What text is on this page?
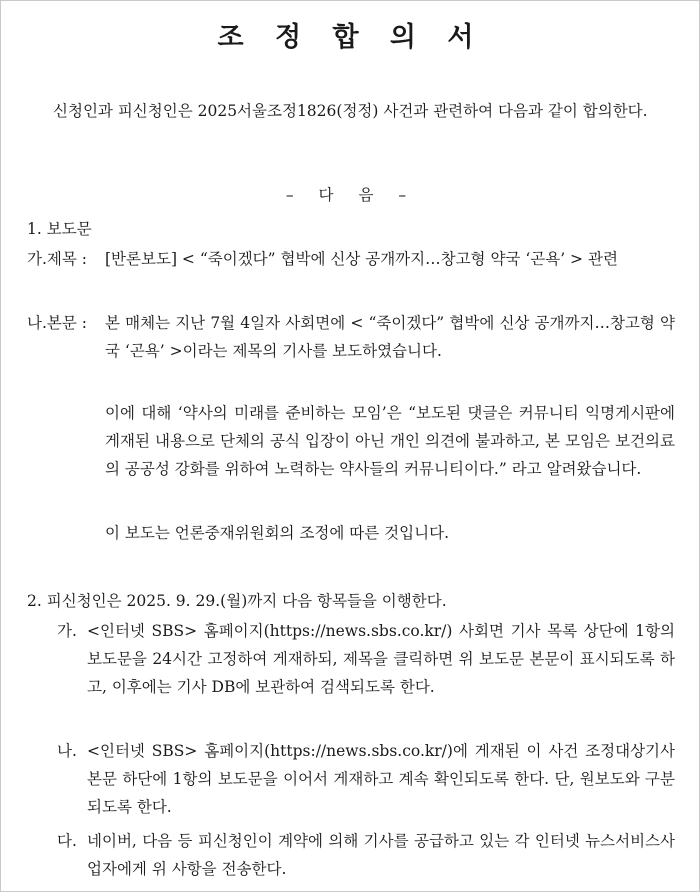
조 정 합 의 서
신청인과 피신청인은 2025서울조정1826(정정) 사건과 관련하여 다음과 같이 합의한다.
– 다 음 –
1. 보도문
가.제목 : [반론보도] < “죽이겠다” 협박에 신상 공개까지…창고형 약국 ‘곤욕’ > 관련
나.본문 : 본 매체는 지난 7월 4일자 사회면에 < “죽이겠다” 협박에 신상 공개까지…창고형 약국 ‘곤욕’ >이라는 제목의 기사를 보도하였습니다.
이에 대해 ‘약사의 미래를 준비하는 모임’은 “보도된 댓글은 커뮤니티 익명게시판에 게재된 내용으로 단체의 공식 입장이 아닌 개인 의견에 불과하고, 본 모임은 보건의료의 공공성 강화를 위하여 노력하는 약사들의 커뮤니티이다.” 라고 알려왔습니다.
이 보도는 언론중재위원회의 조정에 따른 것입니다.
2. 피신청인은 2025. 9. 29.(월)까지 다음 항목들을 이행한다.
가. <인터넷 SBS> 홈페이지(https://news.sbs.co.kr/) 사회면 기사 목록 상단에 1항의 보도문을 24시간 고정하여 게재하되, 제목을 클릭하면 위 보도문 본문이 표시되도록 하고, 이후에는 기사 DB에 보관하여 검색되도록 한다.
나. <인터넷 SBS> 홈페이지(https://news.sbs.co.kr/)에 게재된 이 사건 조정대상기사 본문 하단에 1항의 보도문을 이어서 게재하고 계속 확인되도록 한다. 단, 원보도와 구분되도록 한다.
다. 네이버, 다음 등 피신청인이 계약에 의해 기사를 공급하고 있는 각 인터넷 뉴스서비스사업자에게 위 사항을 전송한다.
